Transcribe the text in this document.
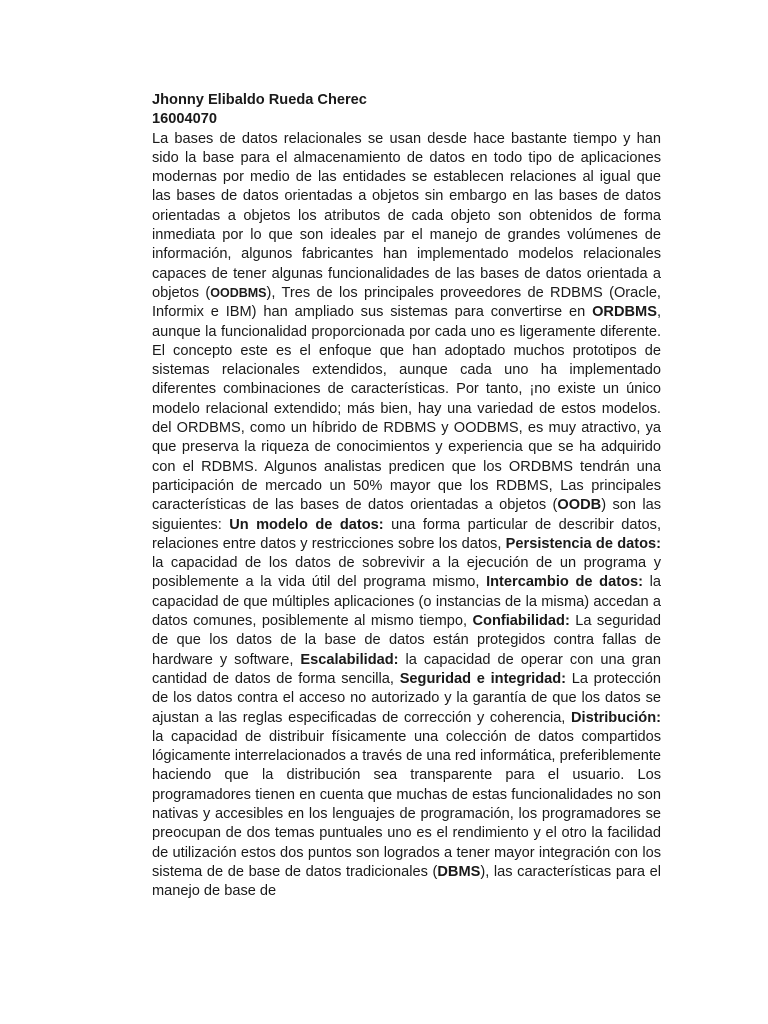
Jhonny Elibaldo Rueda Cherec
16004070

La bases de datos relacionales se usan desde hace bastante tiempo y han sido la base para el almacenamiento de datos en todo tipo de aplicaciones modernas por medio de las entidades se establecen relaciones al igual que las bases de datos orientadas a objetos sin embargo en las bases de datos orientadas a objetos los atributos de cada objeto son obtenidos de forma inmediata por lo que son ideales par el manejo de grandes volúmenes de información, algunos fabricantes han implementado modelos relacionales capaces de tener algunas funcionalidades de las bases de datos orientada a objetos (OODBMS), Tres de los principales proveedores de RDBMS (Oracle, Informix e IBM) han ampliado sus sistemas para convertirse en ORDBMS, aunque la funcionalidad proporcionada por cada uno es ligeramente diferente. El concepto este es el enfoque que han adoptado muchos prototipos de sistemas relacionales extendidos, aunque cada uno ha implementado diferentes combinaciones de características. Por tanto, ¡no existe un único modelo relacional extendido; más bien, hay una variedad de estos modelos. del ORDBMS, como un híbrido de RDBMS y OODBMS, es muy atractivo, ya que preserva la riqueza de conocimientos y experiencia que se ha adquirido con el RDBMS. Algunos analistas predicen que los ORDBMS tendrán una participación de mercado un 50% mayor que los RDBMS, Las principales características de las bases de datos orientadas a objetos (OODB) son las siguientes: Un modelo de datos: una forma particular de describir datos, relaciones entre datos y restricciones sobre los datos, Persistencia de datos: la capacidad de los datos de sobrevivir a la ejecución de un programa y posiblemente a la vida útil del programa mismo, Intercambio de datos: la capacidad de que múltiples aplicaciones (o instancias de la misma) accedan a datos comunes, posiblemente al mismo tiempo, Confiabilidad: La seguridad de que los datos de la base de datos están protegidos contra fallas de hardware y software, Escalabilidad: la capacidad de operar con una gran cantidad de datos de forma sencilla, Seguridad e integridad: La protección de los datos contra el acceso no autorizado y la garantía de que los datos se ajustan a las reglas especificadas de corrección y coherencia, Distribución: la capacidad de distribuir físicamente una colección de datos compartidos lógicamente interrelacionados a través de una red informática, preferiblemente haciendo que la distribución sea transparente para el usuario. Los programadores tienen en cuenta que muchas de estas funcionalidades no son nativas y accesibles en los lenguajes de programación, los programadores se preocupan de dos temas puntuales uno es el rendimiento y el otro la facilidad de utilización estos dos puntos son logrados a tener mayor integración con los sistema de de base de datos tradicionales (DBMS), las características para el manejo de base de
